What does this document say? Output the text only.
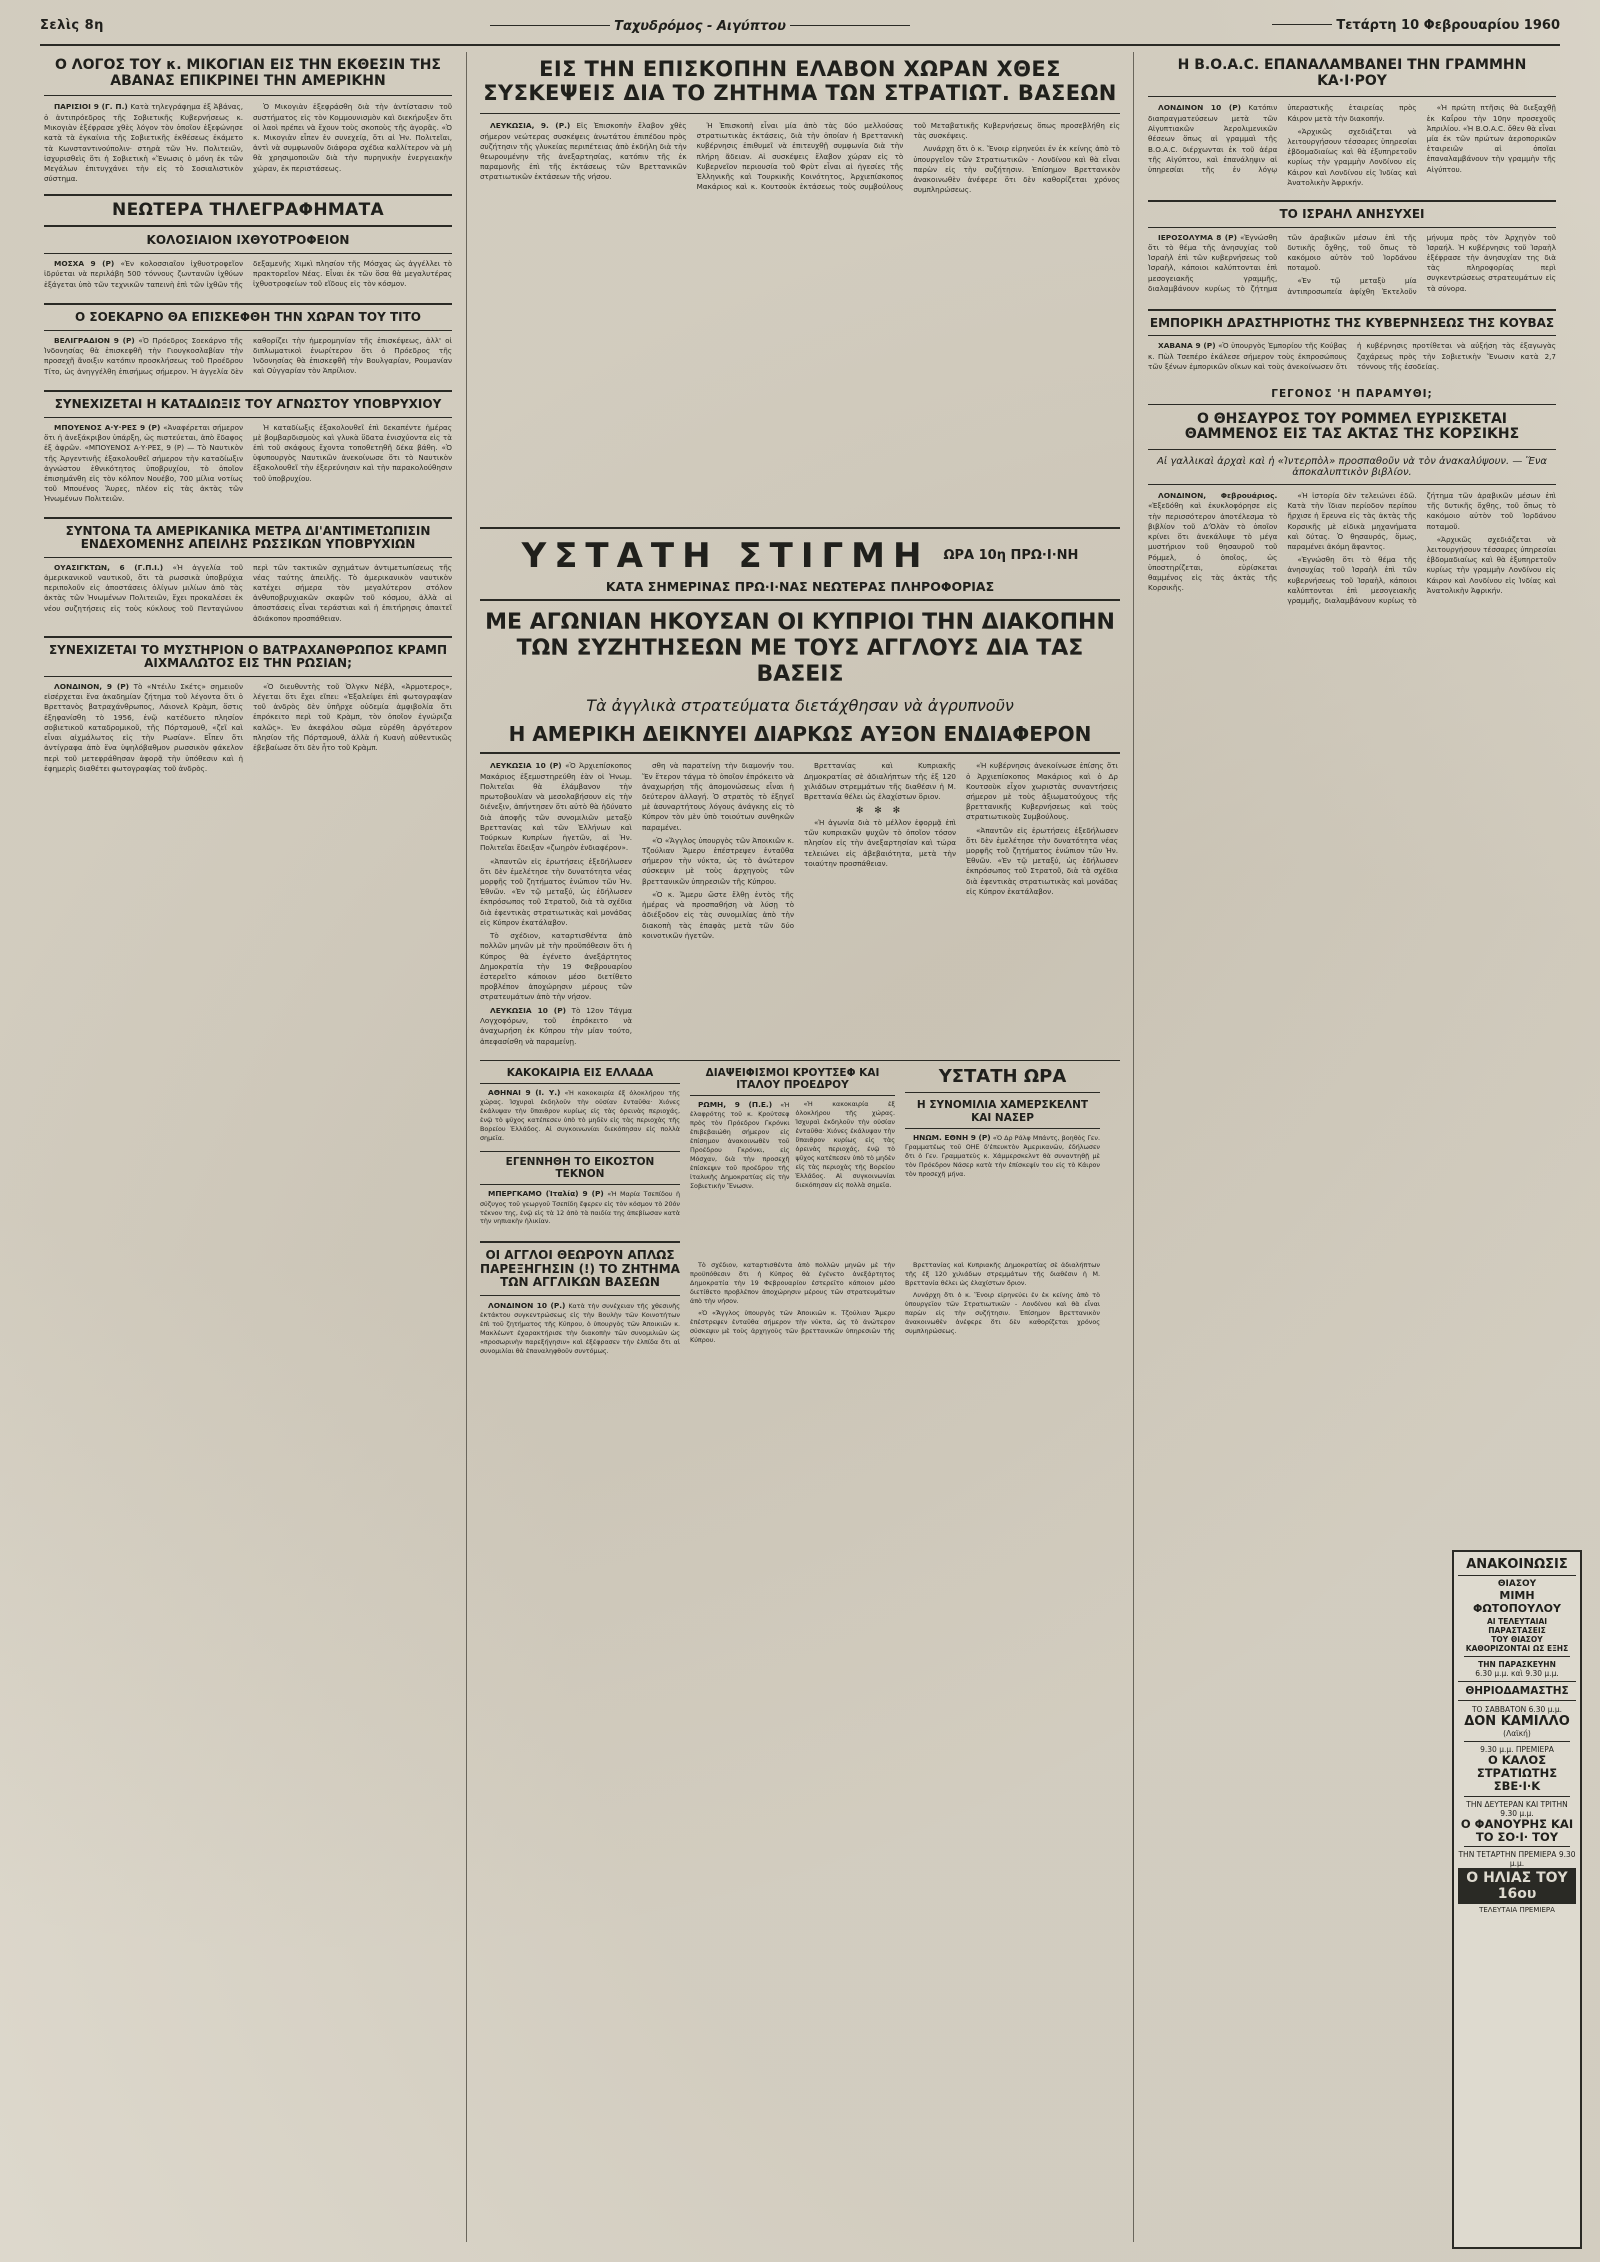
Σελὶς 8η	Ταχυδρόμος - Αιγύπτου	Τετάρτη 10 Φεβρουαρίου 1960
Ο ΛΟΓΟΣ ΤΟΥ κ. ΜΙΚΟΓΙΑΝ ΕΙΣ ΤΗΝ ΕΚΘΕΣΙΝ ΤΗΣ ΑΒΑΝΑΣ ΕΠΙΚΡΙΝΕΙ ΤΗΝ ΑΜΕΡΙΚΗΝ

ΠΑΡΙΣΙΟΙ 9 (Γ. Π.) Κατὰ τηλεγράφημα ἐξ Ἀβάνας, ὁ ἀντιπρόεδρος τῆς Σοβιετικῆς Κυβερνήσεως κ. Μικογιὰν ἐξέφρασε χθὲς λόγον τὸν ὁποῖον ἐξεφώνησε κατὰ τὰ ἐγκαίνια τῆς Σοβιετικῆς ἐκθέσεως ἐκάμετο τὰ Κωνσταντινούπολιν· στηρὰ τῶν Ἡν. Πολιτειῶν, ἰσχυρισθεὶς ὅτι ἡ Σοβιετικὴ «Ἕνωσις ὁ μόνη ἐκ τῶν Μεγάλων ἐπιτυγχάνει τὴν εἰς τὸ Σοσιαλιστικὸν σύστημα.

Ὁ Μικογιὰν ἐξεφράσθη διὰ τὴν ἀντίστασιν τοῦ συστήματος εἰς τὸν Κομμουνισμὸν καὶ διεκήρυξεν ὅτι οἱ λαοὶ πρέπει νὰ ἔχουν τοὺς σκοποὺς τῆς ἀγορᾶς. «Ὁ κ. Μικογιὰν εἶπεν ἐν συνεχείᾳ, ὅτι αἱ Ἡν. Πολιτεῖαι, ἀντὶ νὰ συμφωνοῦν διάφορα σχέδια καλλίτερον νὰ μὴ θὰ χρησιμοποιῶν διὰ τὴν πυρηνικὴν ἐνεργειακὴν χώραν, ἐκ περιστάσεως.

ΝΕΩΤΕΡΑ ΤΗΛΕΓΡΑΦΗΜΑΤΑ
ΚΟΛΟΣΙΑΙΟΝ ΙΧΘΥΟΤΡΟΦΕΙΟΝ

ΜΟΣΧΑ 9 (Ρ) «Ἐν κολοσσιαῖον ἰχθυοτροφεῖον ἱδρύεται νὰ περιλάβη 500 τόννους ζωντανῶν ἰχθύων ἑξάγεται ὑπὸ τῶν τεχνικῶν ταπεινὴ ἐπὶ τῶν ἰχθῶν τῆς δεξαμενῆς Χιμκὶ πλησίον τῆς Μόσχας ὡς ἀγγέλλει τὸ πρακτορεῖον Νέας. Εἶναι ἐκ τῶν ὅσα θὰ μεγαλυτέρας ἰχθυοτροφείων τοῦ εἴδους εἰς τὸν κόσμον.

Ο ΣΟΕΚΑΡΝΟ ΘΑ ΕΠΙΣΚΕΦΘΗ ΤΗΝ ΧΩΡΑΝ ΤΟΥ ΤΙΤΟ

ΒΕΛΙΓΡΑΔΙΟΝ 9 (Ρ) «Ὁ Πρόεδρος Σοεκάρνο τῆς Ἰνδονησίας θὰ ἐπισκεφθῆ τὴν Γιουγκοσλαβίαν τὴν προσεχῆ ἄνοιξιν κατόπιν προσκλήσεως τοῦ Προέδρου Τίτο, ὡς ἀνηγγέλθη ἐπισήμως σήμερον. Ἡ ἀγγελία δὲν καθορίζει τὴν ἡμερομηνίαν τῆς ἐπισκέψεως, ἀλλ' οἱ διπλωματικοὶ ἐνωρίτερον ὅτι ὁ Πρόεδρος τῆς Ἰνδονησίας θὰ ἐπισκεφθῆ τὴν Βουλγαρίαν, Ρουμανίαν καὶ Οὑγγαρίαν τὸν Ἀπρίλιον.

ΣΥΝΕΧΙΖΕΤΑΙ Η ΚΑΤΑΔΙΩΞΙΣ ΤΟΥ ΑΓΝΩΣΤΟΥ ΥΠΟΒΡΥΧΙΟΥ

ΜΠΟΥΕΝΟΣ Α·Υ·ΡΕΣ 9 (Ρ) «Ἀναφέρεται σήμερον ὅτι ἡ ἀνεξάκριβον ὑπάρξη, ὡς πιστεύεται, ἀπὸ ἔδαφος ἐξ ἀφρῶν. «ΜΠΟΥΕΝΟΣ Α·Υ·ΡΕΣ, 9 (Ρ) — Τὸ Ναυτικὸν τῆς Ἀργεντινῆς ἐξακολουθεῖ σήμερον τὴν καταδίωξιν ἀγνώστου ἐθνικότητος ὑποβρυχίου, τὸ ὁποῖον ἐπισημάνθη εἰς τὸν κόλπον Νουέβο, 700 μίλια νοτίως τοῦ Μπουένος Ἄυρες, πλέον εἰς τὰς ἀκτὰς τῶν Ἡνωμένων Πολιτειῶν.

Ἡ καταδίωξις ἐξακολουθεῖ ἐπὶ δεκαπέντε ἡμέρας μὲ βομβαρδισμοὺς καὶ γλυκὰ ὕδατα ἐνισχύοντα εἰς τὰ ἐπὶ τοῦ σκάφους ἔχοντα τοποθετηθῆ δέκα βάθη. «Ὁ ὑφυπουργὸς Ναυτικῶν ἀνεκοίνωσε ὅτι τὸ Ναυτικὸν ἐξακολουθεῖ τὴν ἐξερεύνησιν καὶ τὴν παρακολούθησιν τοῦ ὑποβρυχίου.

ΣΥΝΤΟΝΑ ΤΑ ΑΜΕΡΙΚΑΝΙΚΑ ΜΕΤΡΑ ΔΙ'ΑΝΤΙΜΕΤΩΠΙΣΙΝ ΕΝΔΕΧΟΜΕΝΗΣ ΑΠΕΙΛΗΣ ΡΩΣΣΙΚΩΝ ΥΠΟΒΡΥΧΙΩΝ

ΟΥΑΣΙΓΚΤΩΝ, 6 (Γ.Π.Ι.) «Ἡ ἀγγελία τοῦ ἀμερικανικοῦ ναυτικοῦ, ὅτι τὰ ρωσσικὰ ὑποβρύχια περιπολοῦν εἰς ἀποστάσεις ὀλίγων μιλίων ἀπὸ τὰς ἀκτὰς τῶν Ἡνωμένων Πολιτειῶν, ἔχει προκαλέσει ἐκ νέου συζητήσεις εἰς τοὺς κύκλους τοῦ Πενταγώνου περὶ τῶν τακτικῶν σχημάτων ἀντιμετωπίσεως τῆς νέας ταύτης ἀπειλῆς. Τὸ ἀμερικανικὸν ναυτικὸν κατέχει σήμερα τὸν μεγαλύτερον στόλον ἀνθυποβρυχιακῶν σκαφῶν τοῦ κόσμου, ἀλλὰ αἱ ἀποστάσεις εἶναι τεράστιαι καὶ ἡ ἐπιτήρησις ἀπαιτεῖ ἀδιάκοπον προσπάθειαν.

ΣΥΝΕΧΙΖΕΤΑΙ ΤΟ ΜΥΣΤΗΡΙΟΝ Ο ΒΑΤΡΑΧΑΝΘΡΩΠΟΣ ΚΡΑΜΠ ΑΙΧΜΑΛΩΤΟΣ ΕΙΣ ΤΗΝ ΡΩΣΙΑΝ;

ΛΟΝΔΙΝΟΝ, 9 (Ρ) Τὸ «Ντέιλυ Σκέτς» σημειοῦν εἰσέρχεται ἕνα ἀκαδημίαν ζήτημα τοῦ λέγοντα ὅτι ὁ Βρεττανὸς βατραχάνθρωπος, Λάιονελ Κρὰμπ, ὅστις ἐξηφανίσθη τὸ 1956, ἐνῷ κατέδυετο πλησίον σοβιετικοῦ καταδρομικοῦ, τῆς Πόρτσμουθ, «ζεῖ καὶ εἶναι αἰχμάλωτος εἰς τὴν Ρωσίαν». Εἶπεν ὅτι ἀντίγραφα ἀπὸ ἕνα ὑψηλόβαθμον ρωσσικὸν φάκελον περὶ τοῦ μετεφράθησαν ἀφορᾷ τὴν ὑπόθεσιν καὶ ἡ ἐφημερὶς διαθέτει φωτογραφίας τοῦ ἀνδρὸς.

«Ὁ διευθυντὴς τοῦ Ὀλγκν Νέβλ, «Ἀρμοτερος», λέγεται ὅτι ἔχει εἴπει: «Ἐξαλείψει ἐπὶ φωτογραφίαν τοῦ ἀνδρὸς δὲν ὑπῆρχε οὐδεμία ἀμφιβολία ὅτι ἐπρόκειτο περὶ τοῦ Κρὰμπ, τὸν ὁποῖον ἐγνώριζα καλῶς». Ἐν ἀκεφάλου σῶμα εὑρέθη ἀργότερον πλησίον τῆς Πόρτσμουθ, ἀλλὰ ἡ Κυανὴ αὐθεντικῶς ἐβεβαίωσε ὅτι δὲν ἦτο τοῦ Κρὰμπ.

ΕΙΣ ΤΗΝ ΕΠΙΣΚΟΠΗΝ ΕΛΑΒΟΝ ΧΩΡΑΝ ΧΘΕΣ ΣΥΣΚΕΨΕΙΣ ΔΙΑ ΤΟ ΖΗΤΗΜΑ ΤΩΝ ΣΤΡΑΤΙΩΤ. ΒΑΣΕΩΝ

ΛΕΥΚΩΣΙΑ, 9. (Ρ.) Εἰς Ἐπισκοπὴν ἔλαβον χθὲς σήμερον νεώτερας συσκέψεις ἀνωτάτου ἐπιπέδου πρὸς συζήτησιν τῆς γλυκείας περιπέτειας ἀπὸ ἐκδήλη διὰ τὴν θεωρουμένην τῆς ἀνεξαρτησίας, κατόπιν τῆς ἐκ παραμονῆς ἐπὶ τῆς ἐκτάσεως τῶν Βρεττανικῶν στρατιωτικῶν ἐκτάσεων τῆς νήσου.

Ἡ Ἐπισκοπὴ εἶναι μία ἀπὸ τὰς δύο μελλούσας στρατιωτικὰς ἐκτάσεις, διὰ τὴν ὁποίαν ἡ Βρεττανικὴ κυβέρνησις ἐπιθυμεῖ νὰ ἐπιτευχθῇ συμφωνία διὰ τὴν πλήρη ἄδειαν. Αἱ συσκέψεις ἔλαβον χώραν εἰς τὸ Κυβερνεῖον περιουσία τοῦ Φρὺτ εἶναι αἱ ἡγεσίες τῆς Ἑλληνικῆς καὶ Τουρκικῆς Κοινότητος, Ἀρχιεπίσκοπος Μακάριος καὶ κ. Κουτσοὺκ ἐκτάσεως τοὺς συμβούλους τοῦ Μεταβατικῆς Κυβερνήσεως ὅπως προσεβλήθη εἰς τὰς συσκέψεις.

Λυνάρχη ὅτι ὁ κ. Ἕνοιρ εἰρηνεύει ἐν ἐκ κείνης ἀπὸ τὸ ὑπουργεῖον τῶν Στρατιωτικῶν - Λονδίνου καὶ θὰ εἶναι παρὼν εἰς τὴν συζήτησιν. Ἐπίσημον Βρεττανικὸν ἀνακοινωθὲν ἀνέφερε ὅτι δὲν καθορίζεται χρόνος συμπληρώσεως.

ΥΣΤΑΤΗ ΣΤΙΓΜΗ ΩΡΑ 10η ΠΡΩ·Ι·ΝΗ
ΚΑΤΑ ΣΗΜΕΡΙΝΑΣ ΠΡΩ·Ι·ΝΑΣ ΝΕΩΤΕΡΑΣ ΠΛΗΡΟΦΟΡΙΑΣ
ΜΕ ΑΓΩΝΙΑΝ ΗΚΟΥΣΑΝ ΟΙ ΚΥΠΡΙΟΙ ΤΗΝ ΔΙΑΚΟΠΗΝ ΤΩΝ ΣΥΖΗΤΗΣΕΩΝ ΜΕ ΤΟΥΣ ΑΓΓΛΟΥΣ ΔΙΑ ΤΑΣ ΒΑΣΕΙΣ
Τὰ ἀγγλικὰ στρατεύματα διετάχθησαν νὰ ἀγρυπνοῦν
Η ΑΜΕΡΙΚΗ ΔΕΙΚΝΥΕΙ ΔΙΑΡΚΩΣ ΑΥΞΟΝ ΕΝΔΙΑΦΕΡΟΝ

ΛΕΥΚΩΣΙΑ 10 (Ρ) «Ὁ Ἀρχιεπίσκοπος Μακάριος ἐξεμυστηρεύθη ἐὰν οἱ Ἡνωμ. Πολιτεῖαι θὰ ἐλάμβανον τὴν πρωτοβουλίαν νὰ μεσολαβήσουν εἰς τὴν διένεξιν, ἀπήντησεν ὅτι αὐτὸ θὰ ἠδύνατο διὰ ἀποφῆς τῶν συνομιλιῶν μεταξὺ Βρεττανίας καὶ τῶν Ἑλλήνων καὶ Τούρκων Κυπρίων ἡγετῶν, αἱ Ἡν. Πολιτεῖαι ἔδειξαν «ζωηρὸν ἐνδιαφέρον».

«Ἀπαντῶν εἰς ἐρωτήσεις ἐξεδήλωσεν ὅτι δὲν ἐμελέτησε τὴν δυνατότητα νέας μορφῆς τοῦ ζητήματος ἐνώπιον τῶν Ἡν. Ἐθνῶν. «Ἐν τῷ μεταξύ, ὡς ἐδήλωσεν ἐκπρόσωπος τοῦ Στρατοῦ, διὰ τὰ σχέδια διὰ ἐφεντικὰς στρατιωτικὰς καὶ μονάδας εἰς Κύπρον ἐκατάλαβον.

Τὸ σχέδιον, καταρτισθέντα ἀπὸ πολλῶν μηνῶν μὲ τὴν προϋπόθεσιν ὅτι ἡ Κύπρος θὰ ἐγένετο ἀνεξάρτητος Δημοκρατία τὴν 19 Φεβρουαρίου ἐστερεῖτο κάποιον μέσο διετίθετο προβλέπον ἀποχώρησιν μέρους τῶν στρατευμάτων ἀπὸ τὴν νήσον.

ΛΕΥΚΩΣΙΑ 10 (Ρ) Τὸ 12ον Τάγμα Λογχοφόρων, τοῦ ἐπρόκειτο νὰ ἀναχωρήση ἐκ Κύπρου τὴν μίαν τούτο, ἀπεφασίσθη νὰ παραμείνῃ.

σθη νὰ παρατείνῃ τὴν διαμονήν του. Ἕν ἕτερον τάγμα τὸ ὁποῖον ἐπρόκειτο νὰ ἀναχωρήση τῆς ἀπομονώσεως εἶναι ἡ δεύτερον ἀλλαγή. Ὁ στρατὸς τὸ ἐξηγεῖ μὲ ἀσυναρτήτους λόγους ἀνάγκης εἰς τὸ Κύπρον τὸν μὲν ὑπὸ τοιούτων συνθηκῶν παραμένει.

«Ὁ «Ἄγγλος ὑπουργὸς τῶν Ἀποικιῶν κ. Τζούλιαν Ἄμερυ ἐπέστρεψεν ἐνταῦθα σήμερον τὴν νύκτα, ὡς τὸ ἀνώτερον σύσκεψιν μὲ τοὺς ἀρχηγοὺς τῶν βρεττανικῶν ὑπηρεσιῶν τῆς Κύπρου.

«Ὁ κ. Ἄμερυ ὥστε ἔλθῃ ἐντὸς τῆς ἡμέρας νὰ προσπαθήση νὰ λύσῃ τὸ ἀδιέξοδον εἰς τὰς συνομιλίας ἀπὸ τὴν διακοπὴ τὰς ἐπαφὰς μετὰ τῶν δύο κοινοτικῶν ἡγετῶν.

Βρεττανίας καὶ Κυπριακῆς Δημοκρατίας σὲ ἀδιαλήπτων τῆς ἐξ 120 χιλιάδων στρεμμάτων τῆς διαθέσιν ἡ Μ. Βρεττανία θέλει ὡς ἐλαχίστων ὅριον.

✻ ✻ ✻

«Ἡ ἀγωνία διὰ τὸ μέλλον ἐφορμᾷ ἐπὶ τῶν κυπριακῶν ψυχῶν τὸ ὁποῖον τόσον πλησίον εἰς τὴν ἀνεξαρτησίαν καὶ τώρα τελειώνει εἰς ἀβεβαιότητα, μετὰ τὴν τοιαύτην προσπάθειαν.

«Ἡ κυβέρνησις ἀνεκοίνωσε ἐπίσης ὅτι ὁ Ἀρχιεπίσκοπος Μακάριος καὶ ὁ Δρ Κουτσοὺκ εἶχον χωριστὰς συναντήσεις σήμερον μὲ τοὺς ἀξιωματούχους τῆς βρεττανικῆς Κυβερνήσεως καὶ τοὺς στρατιωτικοὺς Συμβούλους.

«Ἀπαντῶν εἰς ἐρωτήσεις ἐξεδήλωσεν ὅτι δὲν ἐμελέτησε τὴν δυνατότητα νέας μορφῆς τοῦ ζητήματος ἐνώπιον τῶν Ἡν. Ἐθνῶν. «Ἐν τῷ μεταξύ, ὡς ἐδήλωσεν ἐκπρόσωπος τοῦ Στρατοῦ, διὰ τὰ σχέδια διὰ ἐφεντικὰς στρατιωτικὰς καὶ μονάδας εἰς Κύπρον ἐκατάλαβον.

ΚΑΚΟΚΑΙΡΙΑ ΕΙΣ ΕΛΛΑΔΑ

ΑΘΗΝΑΙ 9 (Ι. Υ.) «Ἡ κακοκαιρία ἐξ ὁλοκλήρου τῆς χώρας. Ἰσχυραὶ ἐκδηλοῦν τὴν οὐσίαν ἑνταῦθα· Χιόνες ἐκάλυψαν τὴν ὕπαιθρον κυρίως εἰς τὰς ὀρεινὰς περιοχάς, ἐνῷ τὸ ψῦχος κατέπεσεν ὑπὸ τὸ μηδὲν εἰς τὰς περιοχὰς τῆς Βορείου Ἑλλάδος. Αἱ συγκοινωνίαι διεκόπησαν εἰς πολλὰ σημεῖα.

ΕΓΕΝΝΗΘΗ ΤΟ ΕΙΚΟΣΤΟΝ ΤΕΚΝΟΝ

ΜΠΕΡΓΚΑΜΟ (Ἰταλία) 9 (Ρ) «Ἡ Μαρία Τσεπίδου ἡ σύζυγος τοῦ γεωργοῦ Τσεπίδη ἔφερεν εἰς τὸν κόσμον τὸ 20όν τέκνον της, ἐνῷ εἰς τὰ 12 ἀπὸ τὰ παιδία της ἀπεβίωσαν κατὰ τὴν νηπιακὴν ἡλικίαν.

ΔΙΑΨΕΙΦΙΣΜΟΙ ΚΡΟΥΤΣΕΦ ΚΑΙ ΙΤΑΛΟΥ ΠΡΟΕΔΡΟΥ

ΡΩΜΗ, 9 (Π.Ε.) «Ἡ ἐλαφρότης τοῦ κ. Κρούτσεφ πρὸς τὸν Πρόεδρον Γκρόνκι ἐπιβεβαιώθη σήμερον εἰς ἐπίσημον ἀνακοινωθὲν τοῦ Προέδρου Γκρόνκι, εἰς Μόσχαν, διὰ τὴν προσεχῆ ἐπίσκεψιν τοῦ προέδρου τῆς ἰταλικῆς Δημοκρατίας εἰς τὴν Σοβιετικὴν Ἕνωσιν.

«Ἡ κακοκαιρία ἐξ ὁλοκλήρου τῆς χώρας. Ἰσχυραὶ ἐκδηλοῦν τὴν οὐσίαν ἑνταῦθα· Χιόνες ἐκάλυψαν τὴν ὕπαιθρον κυρίως εἰς τὰς ὀρεινὰς περιοχάς, ἐνῷ τὸ ψῦχος κατέπεσεν ὑπὸ τὸ μηδὲν εἰς τὰς περιοχὰς τῆς Βορείου Ἑλλάδος. Αἱ συγκοινωνίαι διεκόπησαν εἰς πολλὰ σημεῖα.

ΥΣΤΑΤΗ ΩΡΑ
Η ΣΥΝΟΜΙΛΙΑ ΧΑΜΕΡΣΚΕΛΝΤ ΚΑΙ ΝΑΣΕΡ

ΗΝΩΜ. ΕΘΝΗ 9 (Ρ) «Ὁ Δρ Ράλφ Μπάντς, βοηθὸς Γεν. Γραμματέως τοῦ ΟΗΕ δ'ἐπευκτὸν Ἀμερικανῶν, ἐδήλωσεν ὅτι ὁ Γεν. Γραμματεὺς κ. Χάμμερσκελντ θὰ συναντηθῇ μὲ τὸν Πρόεδρον Νάσερ κατὰ τὴν ἐπίσκεψίν του εἰς τὸ Κάιρον τὸν προσεχῆ μήνα.

ΟΙ ΑΓΓΛΟΙ ΘΕΩΡΟΥΝ ΑΠΛΩΣ ΠΑΡΕΞΗΓΗΣΙΝ (!) ΤΟ ΖΗΤΗΜΑ ΤΩΝ ΑΓΓΛΙΚΩΝ ΒΑΣΕΩΝ

ΛΟΝΔΙΝΟΝ 10 (Ρ.) Κατὰ τὴν συνέχειαν τῆς χθεσινῆς ἐκτάκτου συγκεντρώσεως εἰς τὴν Βουλὴν τῶν Κοινοτήτων ἐπὶ τοῦ ζητήματος τῆς Κύπρου, ὁ ὑπουργὸς τῶν Ἀποικιῶν κ. Μακλέωντ ἐχαρακτήρισε τὴν διακοπὴν τῶν συνομιλιῶν ὡς «προσωρινὴν παρεξήγησιν» καὶ ἐξέφρασεν τὴν ἐλπίδα ὅτι αἱ συνομιλίαι θὰ ἐπαναληφθοῦν συντόμως.

Τὸ σχέδιον, καταρτισθέντα ἀπὸ πολλῶν μηνῶν μὲ τὴν προϋπόθεσιν ὅτι ἡ Κύπρος θὰ ἐγένετο ἀνεξάρτητος Δημοκρατία τὴν 19 Φεβρουαρίου ἐστερεῖτο κάποιον μέσο διετίθετο προβλέπον ἀποχώρησιν μέρους τῶν στρατευμάτων ἀπὸ τὴν νήσον.

«Ὁ «Ἄγγλος ὑπουργὸς τῶν Ἀποικιῶν κ. Τζούλιαν Ἄμερυ ἐπέστρεψεν ἐνταῦθα σήμερον τὴν νύκτα, ὡς τὸ ἀνώτερον σύσκεψιν μὲ τοὺς ἀρχηγοὺς τῶν βρεττανικῶν ὑπηρεσιῶν τῆς Κύπρου.

Βρεττανίας καὶ Κυπριακῆς Δημοκρατίας σὲ ἀδιαλήπτων τῆς ἐξ 120 χιλιάδων στρεμμάτων τῆς διαθέσιν ἡ Μ. Βρεττανία θέλει ὡς ἐλαχίστων ὅριον.

Λυνάρχη ὅτι ὁ κ. Ἕνοιρ εἰρηνεύει ἐν ἐκ κείνης ἀπὸ τὸ ὑπουργεῖον τῶν Στρατιωτικῶν - Λονδίνου καὶ θὰ εἶναι παρὼν εἰς τὴν συζήτησιν. Ἐπίσημον Βρεττανικὸν ἀνακοινωθὲν ἀνέφερε ὅτι δὲν καθορίζεται χρόνος συμπληρώσεως.

Η Β.Ο.Α.C. ΕΠΑΝΑΛΑΜΒΑΝΕΙ ΤΗΝ ΓΡΑΜΜΗΝ ΚΑ·Ι·ΡΟΥ

ΛΟΝΔΙΝΟΝ 10 (Ρ) Κατόπιν διαπραγματεύσεων μετὰ τῶν Αἰγυπτιακῶν Ἀερολιμενικῶν θέσεων ὅπως αἱ γραμμαὶ τῆς Β.Ο.Α.C. διέρχωνται ἐκ τοῦ ἀέρα τῆς Αἰγύπτου, καὶ ἐπανάληψιν αἱ ὑπηρεσίαι τῆς ἐν λόγῳ ὑπεραστικῆς ἑταιρείας πρὸς Κάιρον μετὰ τὴν διακοπήν.

«Ἀρχικῶς σχεδιάζεται νὰ λειτουργήσουν τέσσαρες ὑπηρεσίαι ἑβδομαδιαίως καὶ θὰ ἐξυπηρετοῦν κυρίως τὴν γραμμὴν Λονδίνου εἰς Κάιρον καὶ Λονδίνου εἰς Ἰνδίας καὶ Ἀνατολικὴν Ἀφρικήν.

«Ἡ πρώτη πτῆσις θὰ διεξαχθῇ ἐκ Καΐρου τὴν 10ην προσεχοῦς Ἀπριλίου. «Ἡ Β.Ο.Α.C. ὅθεν θὰ εἶναι μία ἐκ τῶν πρώτων ἀεροπορικῶν ἑταιρειῶν αἱ ὁποῖαι ἐπαναλαμβάνουν τὴν γραμμὴν τῆς Αἰγύπτου.

ΤΟ ΙΣΡΑΗΛ ΑΝΗΣΥΧΕΙ

ΙΕΡΟΣΟΛΥΜΑ 8 (Ρ) «Ἐγνώσθη ὅτι τὸ θέμα τῆς ἀνησυχίας τοῦ Ἰσραὴλ ἐπὶ τῶν κυβερνήσεως τοῦ Ἰσραὴλ, κάποιοι καλύπτονται ἐπὶ μεσογειακῆς γραμμῆς, διαλαμβάνουν κυρίως τὸ ζήτημα τῶν ἀραβικῶν μέσων ἐπὶ τῆς δυτικῆς ὄχθης, τοῦ ὅπως τὸ κακόμοιο αὐτὸν τοῦ Ἰορδάνου ποταμοῦ.

«Ἐν τῷ μεταξὺ μία ἀντιπροσωπεία ἀφίχθη Ἐκτελοῦν μήνυμα πρὸς τὸν Ἀρχηγὸν τοῦ Ἰσραήλ. Ἡ κυβέρνησις τοῦ Ἰσραὴλ ἐξέφρασε τὴν ἀνησυχίαν της διὰ τὰς πληροφορίας περὶ συγκεντρώσεως στρατευμάτων εἰς τὰ σύνορα.

ΕΜΠΟΡΙΚΗ ΔΡΑΣΤΗΡΙΟΤΗΣ ΤΗΣ ΚΥΒΕΡΝΗΣΕΩΣ ΤΗΣ ΚΟΥΒΑΣ

ΧΑΒΑΝΑ 9 (Ρ) «Ὁ ὑπουργὸς Ἐμπορίου τῆς Κούβας κ. Πὼλ Τσεπέρο ἐκάλεσε σήμερον τοὺς ἐκπροσώπους τῶν ξένων ἐμπορικῶν οἴκων καὶ τοὺς ἀνεκοίνωσεν ὅτι ἡ κυβέρνησις προτίθεται νὰ αὐξήση τὰς ἐξαγωγὰς ζαχάρεως πρὸς τὴν Σοβιετικὴν Ἕνωσιν κατὰ 2,7 τόννους τῆς ἐσοδείας.

ΓΕΓΟΝΟΣ 'Η ΠΑΡΑΜΥΘΙ;
Ο ΘΗΣΑΥΡΟΣ ΤΟΥ ΡΟΜΜΕΛ ΕΥΡΙΣΚΕΤΑΙ ΘΑΜΜΕΝΟΣ ΕΙΣ ΤΑΣ ΑΚΤΑΣ ΤΗΣ ΚΟΡΣΙΚΗΣ
Αἱ γαλλικαὶ ἀρχαὶ καὶ ἡ «Ἰντερπὸλ» προσπαθοῦν νὰ τὸν ἀνακαλύψουν. — Ἕνα ἀποκαλυπτικὸν βιβλίον.

ΛΟΝΔΙΝΟΝ, Φεβρουάριος. «Ἐξεδόθη καὶ ἐκυκλοφόρησε εἰς τὴν περισσότερον ἀποτέλεσμα τὸ βιβλίον τοῦ Δ'Ὀλὰν τὸ ὁποῖον κρίνει ὅτι ἀνεκάλυψε τὸ μέγα μυστήριον τοῦ θησαυροῦ τοῦ Ρόμμελ, ὁ ὁποῖος, ὡς ὑποστηρίζεται, εὑρίσκεται θαμμένος εἰς τὰς ἀκτὰς τῆς Κορσικῆς.

«Ἡ ἱστορία δὲν τελειώνει ἐδῶ. Κατὰ τὴν ἴδιαν περίοδον περίπου ἤρχισε ἡ ἔρευνα εἰς τὰς ἀκτὰς τῆς Κορσικῆς μὲ εἰδικὰ μηχανήματα καὶ δύτας. Ὁ θησαυρός, ὅμως, παραμένει ἀκόμη ἄφαντος.

«Ἐγνώσθη ὅτι τὸ θέμα τῆς ἀνησυχίας τοῦ Ἰσραὴλ ἐπὶ τῶν κυβερνήσεως τοῦ Ἰσραὴλ, κάποιοι καλύπτονται ἐπὶ μεσογειακῆς γραμμῆς, διαλαμβάνουν κυρίως τὸ ζήτημα τῶν ἀραβικῶν μέσων ἐπὶ τῆς δυτικῆς ὄχθης, τοῦ ὅπως τὸ κακόμοιο αὐτὸν τοῦ Ἰορδάνου ποταμοῦ.

«Ἀρχικῶς σχεδιάζεται νὰ λειτουργήσουν τέσσαρες ὑπηρεσίαι ἑβδομαδιαίως καὶ θὰ ἐξυπηρετοῦν κυρίως τὴν γραμμὴν Λονδίνου εἰς Κάιρον καὶ Λονδίνου εἰς Ἰνδίας καὶ Ἀνατολικὴν Ἀφρικήν.

ΑΝΑΚΟΙΝΩΣΙΣ
ΘΙΑΣΟΥ
ΜΙΜΗ ΦΩΤΟΠΟΥΛΟΥ
ΑΙ ΤΕΛΕΥΤΑΙΑΙ ΠΑΡΑΣΤΑΣΕΙΣ
ΤΟΥ ΘΙΑΣΟΥ
ΚΑΘΟΡΙΖΟΝΤΑΙ ΩΣ ΕΞΗΣ
ΤΗΝ ΠΑΡΑΣΚΕΥΗΝ
6.30 μ.μ. καὶ 9.30 μ.μ.
ΘΗΡΙΟΔΑΜΑΣΤΗΣ
ΤΟ ΣΑΒΒΑΤΟΝ 6.30 μ.μ.
ΔΟΝ ΚΑΜΙΛΛΟ
(Λαϊκή)
9.30 μ.μ. ΠΡΕΜΙΕΡΑ
Ο ΚΑΛΟΣ ΣΤΡΑΤΙΩΤΗΣ ΣΒΕ·Ι·Κ
ΤΗΝ ΔΕΥΤΕΡΑΝ ΚΑΙ ΤΡΙΤΗΝ 9.30 μ.μ.
Ο ΦΑΝΟΥΡΗΣ ΚΑΙ ΤΟ ΣΟ·Ι· ΤΟΥ
ΤΗΝ ΤΕΤΑΡΤΗΝ ΠΡΕΜΙΕΡΑ 9.30 μ.μ.
Ο ΗΛΙΑΣ ΤΟΥ 16ου
ΤΕΛΕΥΤΑΙΑ ΠΡΕΜΙΕΡΑ
